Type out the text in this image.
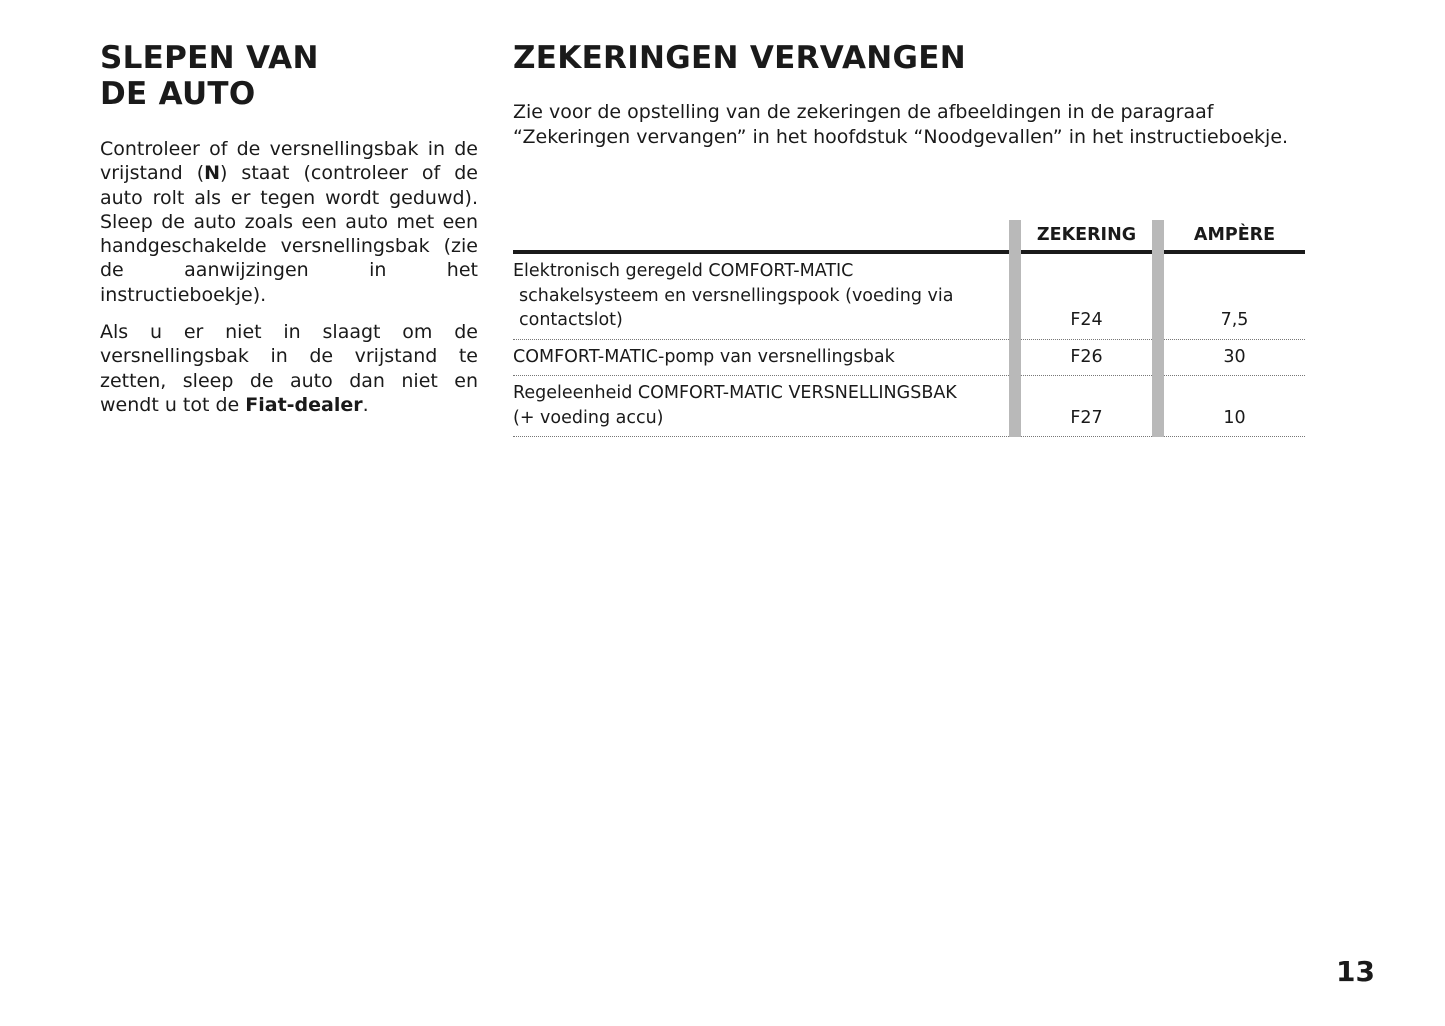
SLEPEN VAN
DE AUTO

Controleer of de versnellingsbak in de vrijstand (N) staat (controleer of de auto rolt als er tegen wordt geduwd). Sleep de auto zoals een auto met een handgeschakelde versnellingsbak (zie de aanwijzingen in het instructieboekje).

Als u er niet in slaagt om de versnellingsbak in de vrijstand te zetten, sleep de auto dan niet en wendt u tot de Fiat-dealer.

ZEKERINGEN VERVANGEN

Zie voor de opstelling van de zekeringen de afbeeldingen in de paragraaf “Zekeringen vervangen” in het hoofdstuk “Noodgevallen” in het instructieboekje.

		ZEKERING		AMPÈRE

Elektronisch geregeld COMFORT-MATIC
schakelsysteem en versnellingspook (voeding via contactslot)		F24		7,5

COMFORT-MATIC-pomp van versnellingsbak		F26		30

Regeleenheid COMFORT-MATIC VERSNELLINGSBAK
(+ voeding accu)		F27		10
13
